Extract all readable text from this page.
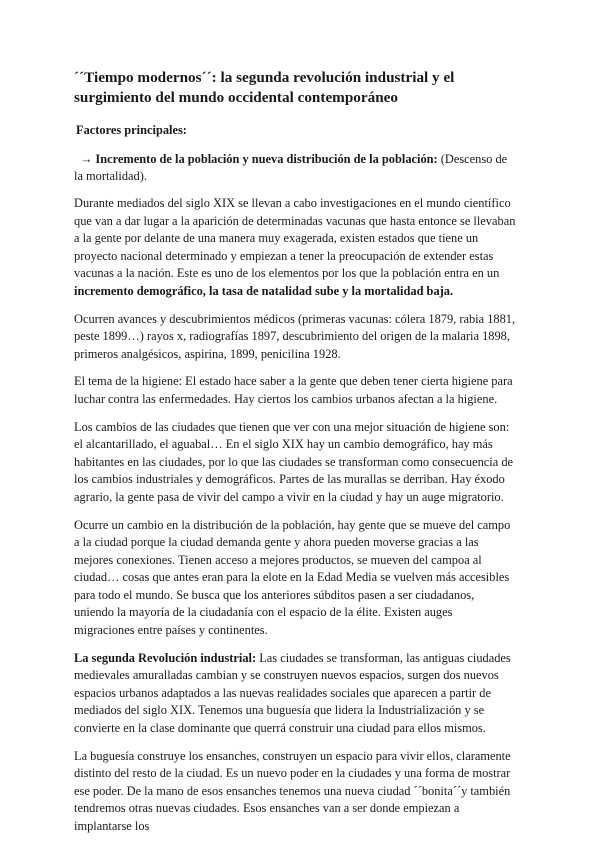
´´Tiempo modernos´´: la segunda revolución industrial y el surgimiento del mundo occidental contemporáneo
Factores principales:
→ Incremento de la población y nueva distribución de la población: (Descenso de la mortalidad).

Durante mediados del siglo XIX se llevan a cabo investigaciones en el mundo científico que van a dar lugar a la aparición de determinadas vacunas que hasta entonce se llevaban a la gente por delante de una manera muy exagerada, existen estados que tiene un proyecto nacional determinado y empiezan a tener la preocupación de extender estas vacunas a la nación. Este es uno de los elementos por los que la población entra en un incremento demográfico, la tasa de natalidad sube y la mortalidad baja.

Ocurren avances y descubrimientos médicos (primeras vacunas: cólera 1879, rabia 1881, peste 1899…) rayos x, radiografías 1897, descubrimiento del origen de la malaria 1898, primeros analgésicos, aspirina, 1899, penicilina 1928.

El tema de la higiene: El estado hace saber a la gente que deben tener cierta higiene para luchar contra las enfermedades. Hay ciertos los cambios urbanos afectan a la higiene.

Los cambios de las ciudades que tienen que ver con una mejor situación de higiene son: el alcantarillado, el aguabal… En el siglo XIX hay un cambio demográfico, hay más habitantes en las ciudades, por lo que las ciudades se transforman como consecuencia de los cambios industriales y demográficos. Partes de las murallas se derriban. Hay éxodo agrario, la gente pasa de vivir del campo a vivir en la ciudad y hay un auge migratorio.

Ocurre un cambio en la distribución de la población, hay gente que se mueve del campo a la ciudad porque la ciudad demanda gente y ahora pueden moverse gracias a las mejores conexiones. Tienen acceso a mejores productos, se mueven del campoa al ciudad… cosas que antes eran para la elote en la Edad Media se vuelven más accesibles para todo el mundo. Se busca que los anteriores súbditos pasen a ser ciudadanos, uniendo la mayoría de la ciudadanía con el espacio de la élite. Existen auges migraciones entre países y continentes.

La segunda Revolución industrial: Las ciudades se transforman, las antiguas ciudades medievales amuralladas cambian y se construyen nuevos espacios, surgen dos nuevos espacios urbanos adaptados a las nuevas realidades sociales que aparecen a partir de mediados del siglo XIX. Tenemos una buguesía que lidera la Industrialización y se convierte en la clase dominante que querrá construir una ciudad para ellos mismos.

La buguesía construye los ensanches, construyen un espacio para vivir ellos, claramente distinto del resto de la ciudad. Es un nuevo poder en la ciudades y una forma de mostrar ese poder. De la mano de esos ensanches tenemos una nueva ciudad ´´bonita´´y también tendremos otras nuevas ciudades. Esos ensanches van a ser donde empiezan a implantarse los
